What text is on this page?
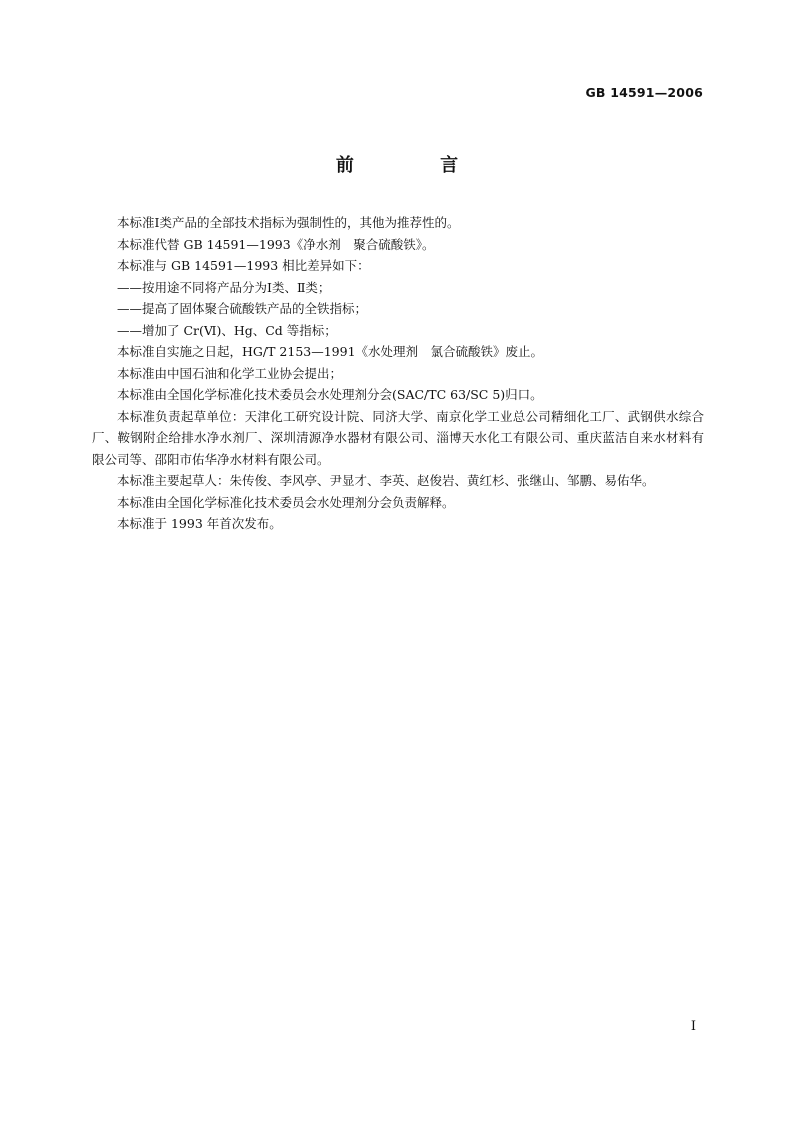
GB 14591—2006
前 言

本标准Ⅰ类产品的全部技术指标为强制性的，其他为推荐性的。

本标准代替 GB 14591—1993《净水剂　聚合硫酸铁》。

本标准与 GB 14591—1993 相比差异如下：

——按用途不同将产品分为Ⅰ类、Ⅱ类；

——提高了固体聚合硫酸铁产品的全铁指标；

——增加了 Cr(Ⅵ)、Hg、Cd 等指标；

本标准自实施之日起，HG/T 2153—1991《水处理剂　氯合硫酸铁》废止。

本标准由中国石油和化学工业协会提出；

本标准由全国化学标准化技术委员会水处理剂分会(SAC/TC 63/SC 5)归口。

本标准负责起草单位：天津化工研究设计院、同济大学、南京化学工业总公司精细化工厂、武钢供水综合厂、鞍钢附企给排水净水剂厂、深圳清源净水器材有限公司、淄博天水化工有限公司、重庆蓝洁自来水材料有限公司等、邵阳市佑华净水材料有限公司。

本标准主要起草人：朱传俊、李风亭、尹显才、李英、赵俊岩、黄红杉、张继山、邹鹏、易佑华。

本标准由全国化学标准化技术委员会水处理剂分会负责解释。

本标准于 1993 年首次发布。

I
